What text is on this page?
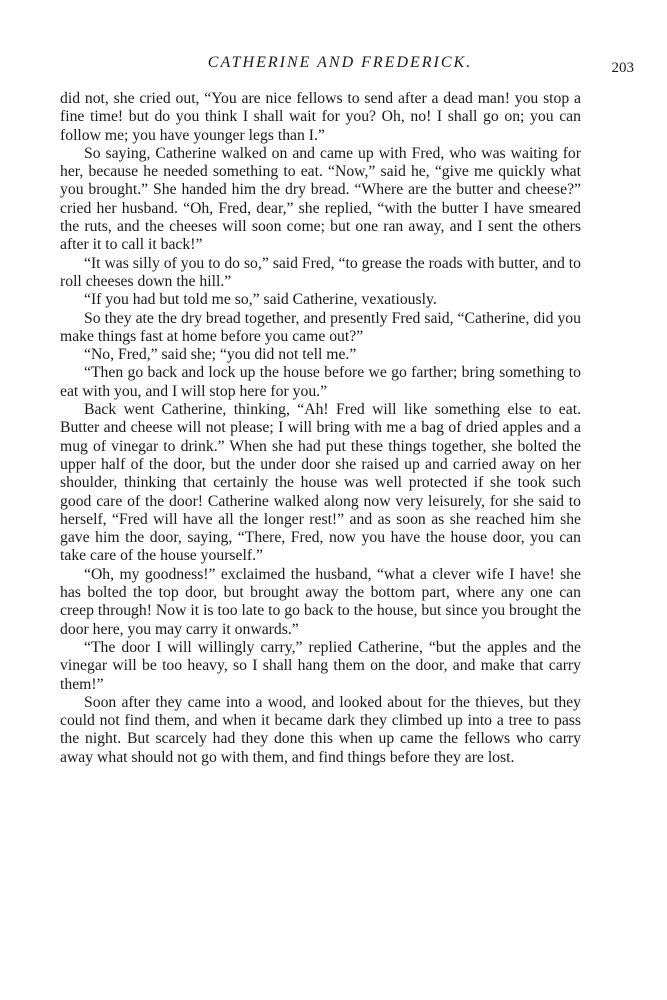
CATHERINE AND FREDERICK.	203

did not, she cried out, “You are nice fellows to send after a dead man! you stop a fine time! but do you think I shall wait for you? Oh, no! I shall go on; you can follow me; you have younger legs than I.”

So saying, Catherine walked on and came up with Fred, who was waiting for her, because he needed something to eat. “Now,” said he, “give me quickly what you brought.” She handed him the dry bread. “Where are the butter and cheese?” cried her husband. “Oh, Fred, dear,” she replied, “with the butter I have smeared the ruts, and the cheeses will soon come; but one ran away, and I sent the others after it to call it back!”

“It was silly of you to do so,” said Fred, “to grease the roads with butter, and to roll cheeses down the hill.”

“If you had but told me so,” said Catherine, vexatiously.

So they ate the dry bread together, and presently Fred said, “Catherine, did you make things fast at home before you came out?”

“No, Fred,” said she; “you did not tell me.”

“Then go back and lock up the house before we go farther; bring something to eat with you, and I will stop here for you.”

Back went Catherine, thinking, “Ah! Fred will like something else to eat. Butter and cheese will not please; I will bring with me a bag of dried apples and a mug of vinegar to drink.” When she had put these things together, she bolted the upper half of the door, but the under door she raised up and carried away on her shoulder, thinking that certainly the house was well protected if she took such good care of the door! Catherine walked along now very leisurely, for she said to herself, “Fred will have all the longer rest!” and as soon as she reached him she gave him the door, saying, “There, Fred, now you have the house door, you can take care of the house yourself.”

“Oh, my goodness!” exclaimed the husband, “what a clever wife I have! she has bolted the top door, but brought away the bottom part, where any one can creep through! Now it is too late to go back to the house, but since you brought the door here, you may carry it onwards.”

“The door I will willingly carry,” replied Catherine, “but the apples and the vinegar will be too heavy, so I shall hang them on the door, and make that carry them!”

Soon after they came into a wood, and looked about for the thieves, but they could not find them, and when it became dark they climbed up into a tree to pass the night. But scarcely had they done this when up came the fellows who carry away what should not go with them, and find things before they are lost.
